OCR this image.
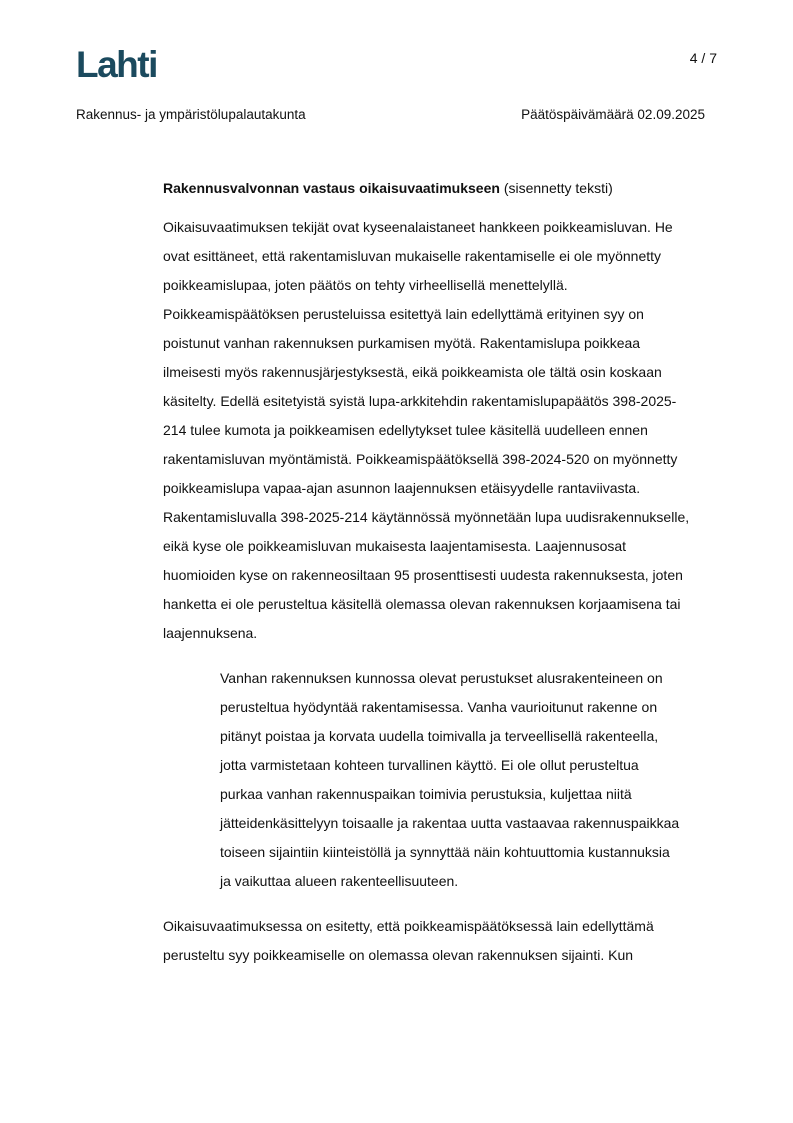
Lahti	4 / 7
Rakennus- ja ympäristölupalautakunta	Päätöspäivämäärä 02.09.2025

Rakennusvalvonnan vastaus oikaisuvaatimukseen (sisennetty teksti)

Oikaisuvaatimuksen tekijät ovat kyseenalaistaneet hankkeen poikkeamisluvan. He
ovat esittäneet, että rakentamisluvan mukaiselle rakentamiselle ei ole myönnetty
poikkeamislupaa, joten päätös on tehty virheellisellä menettelyllä.
Poikkeamispäätöksen perusteluissa esitettyä lain edellyttämä erityinen syy on
poistunut vanhan rakennuksen purkamisen myötä. Rakentamislupa poikkeaa
ilmeisesti myös rakennusjärjestyksestä, eikä poikkeamista ole tältä osin koskaan
käsitelty. Edellä esitetyistä syistä lupa-arkkitehdin rakentamislupapäätös 398-2025-
214 tulee kumota ja poikkeamisen edellytykset tulee käsitellä uudelleen ennen
rakentamisluvan myöntämistä. Poikkeamispäätöksellä 398-2024-520 on myönnetty
poikkeamislupa vapaa-ajan asunnon laajennuksen etäisyydelle rantaviivasta.
Rakentamisluvalla 398-2025-214 käytännössä myönnetään lupa uudisrakennukselle,
eikä kyse ole poikkeamisluvan mukaisesta laajentamisesta. Laajennusosat
huomioiden kyse on rakenneosiltaan 95 prosenttisesti uudesta rakennuksesta, joten
hanketta ei ole perusteltua käsitellä olemassa olevan rakennuksen korjaamisena tai
laajennuksena.

Vanhan rakennuksen kunnossa olevat perustukset alusrakenteineen on
perusteltua hyödyntää rakentamisessa. Vanha vaurioitunut rakenne on
pitänyt poistaa ja korvata uudella toimivalla ja terveellisellä rakenteella,
jotta varmistetaan kohteen turvallinen käyttö. Ei ole ollut perusteltua
purkaa vanhan rakennuspaikan toimivia perustuksia, kuljettaa niitä
jätteidenkäsittelyyn toisaalle ja rakentaa uutta vastaavaa rakennuspaikkaa
toiseen sijaintiin kiinteistöllä ja synnyttää näin kohtuuttomia kustannuksia
ja vaikuttaa alueen rakenteellisuuteen.

Oikaisuvaatimuksessa on esitetty, että poikkeamispäätöksessä lain edellyttämä
perusteltu syy poikkeamiselle on olemassa olevan rakennuksen sijainti. Kun
